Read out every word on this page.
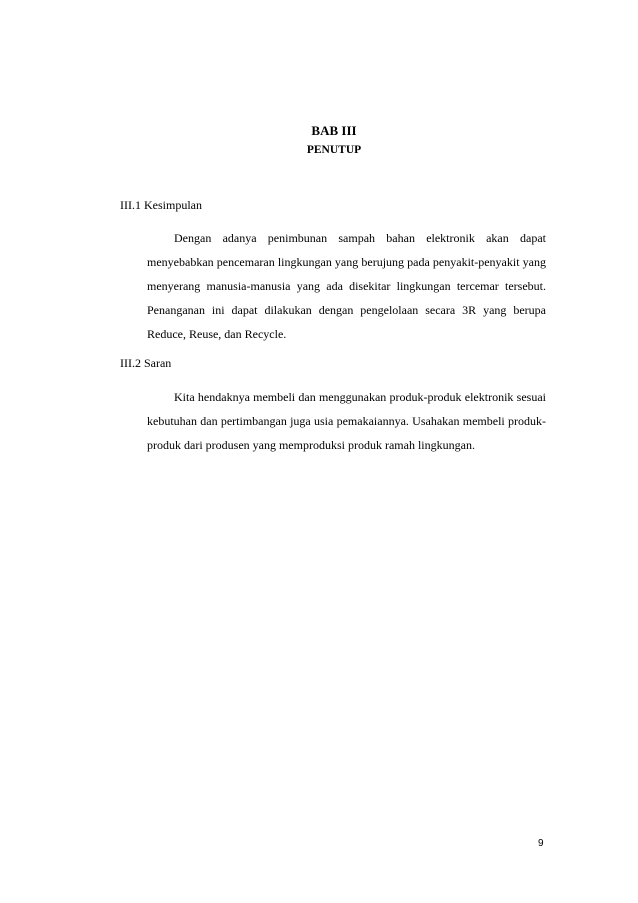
BAB III
PENUTUP
III.1 Kesimpulan
Dengan adanya penimbunan sampah bahan elektronik akan dapat menyebabkan pencemaran lingkungan yang berujung pada penyakit-penyakit yang menyerang manusia-manusia yang ada disekitar lingkungan tercemar tersebut. Penanganan ini dapat dilakukan dengan pengelolaan secara 3R yang berupa Reduce, Reuse, dan Recycle.
III.2 Saran
Kita hendaknya membeli dan menggunakan produk-produk elektronik sesuai kebutuhan dan pertimbangan juga usia pemakaiannya. Usahakan membeli produk-produk dari produsen yang memproduksi produk ramah lingkungan.
9
